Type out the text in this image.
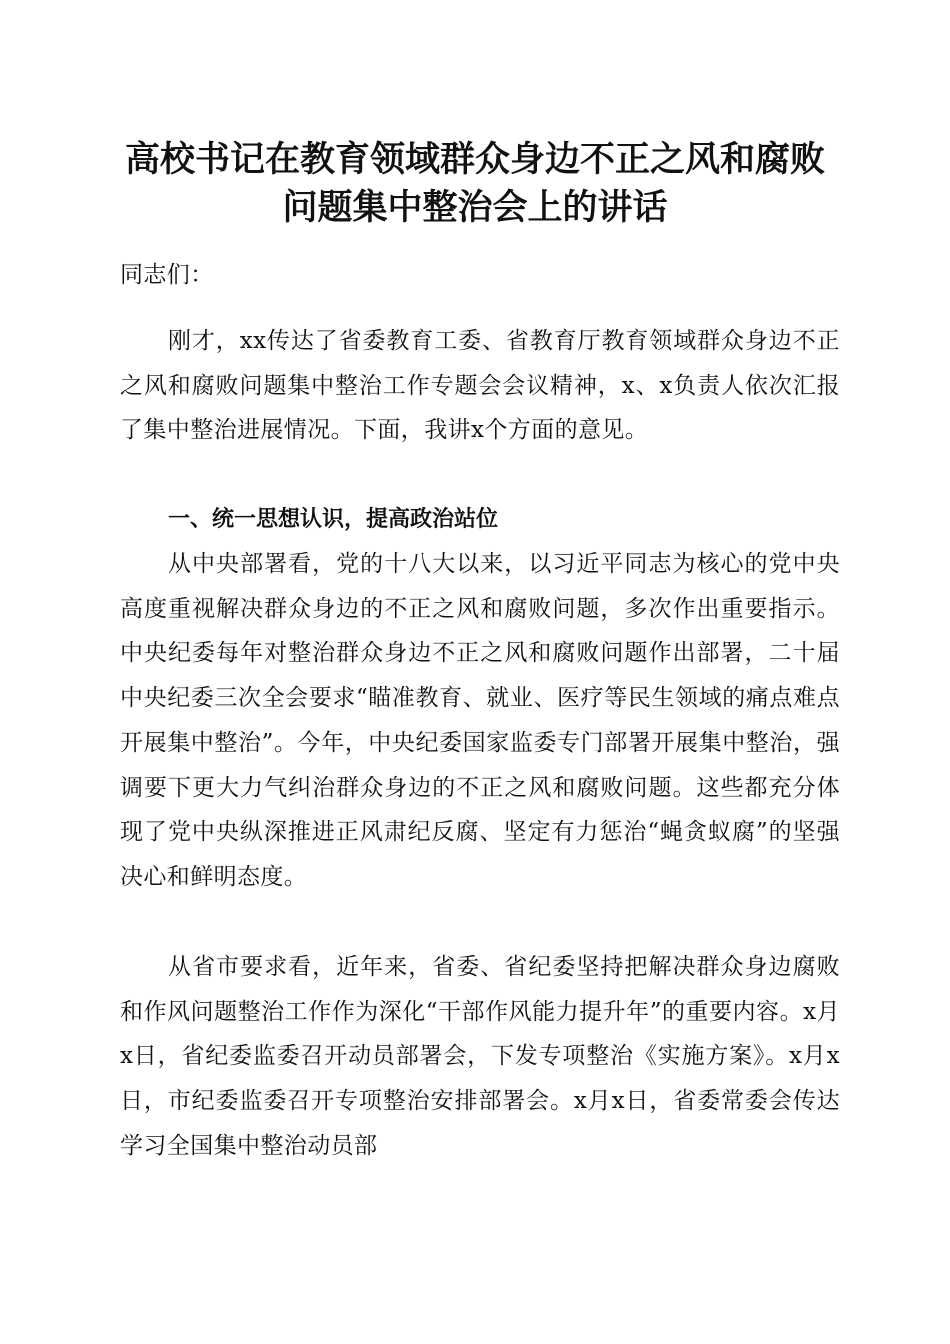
高校书记在教育领域群众身边不正之风和腐败
问题集中整治会上的讲话

同志们：

刚才，xx传达了省委教育工委、省教育厅教育领域群众身边不正之风和腐败问题集中整治工作专题会会议精神，x、x负责人依次汇报了集中整治进展情况。下面，我讲x个方面的意见。

一、统一思想认识，提高政治站位

从中央部署看，党的十八大以来，以习近平同志为核心的党中央高度重视解决群众身边的不正之风和腐败问题，多次作出重要指示。中央纪委每年对整治群众身边不正之风和腐败问题作出部署，二十届中央纪委三次全会要求“瞄准教育、就业、医疗等民生领域的痛点难点开展集中整治”。今年，中央纪委国家监委专门部署开展集中整治，强调要下更大力气纠治群众身边的不正之风和腐败问题。这些都充分体现了党中央纵深推进正风肃纪反腐、坚定有力惩治“蝇贪蚁腐”的坚强决心和鲜明态度。

从省市要求看，近年来，省委、省纪委坚持把解决群众身边腐败和作风问题整治工作作为深化“干部作风能力提升年”的重要内容。x月x日，省纪委监委召开动员部署会，下发专项整治《实施方案》。x月x日，市纪委监委召开专项整治安排部署会。x月x日，省委常委会传达学习全国集中整治动员部
